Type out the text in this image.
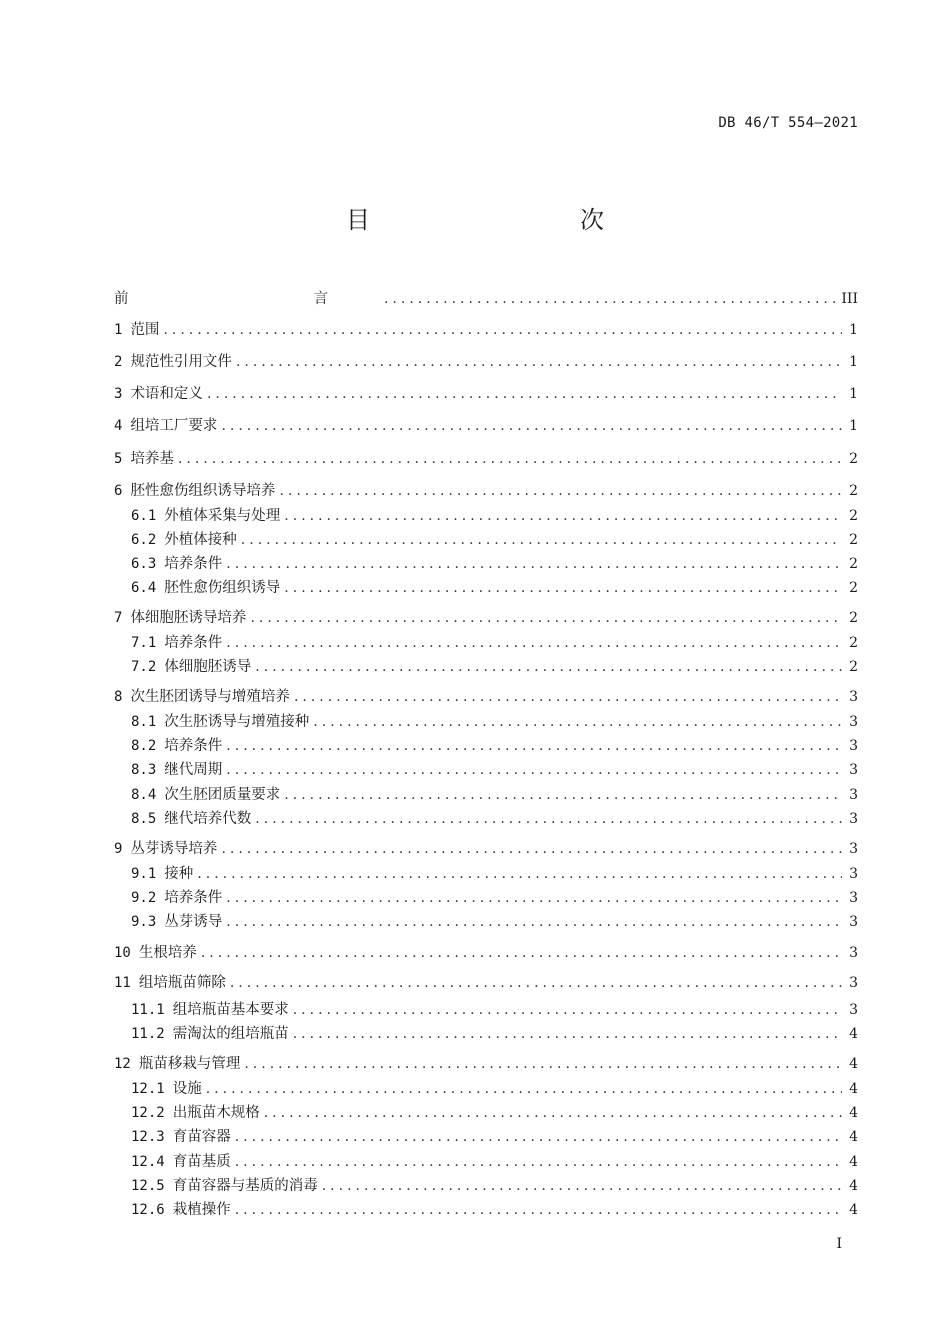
DB 46/T 554—2021
目　　次
前　　言 .....	III
1 范围 .....	1
2 规范性引用文件 .....	1
3 术语和定义 .....	1
4 组培工厂要求 .....	1
5 培养基 .....	2
6 胚性愈伤组织诱导培养 .....	2
6.1 外植体采集与处理 .....	2
6.2 外植体接种 .....	2
6.3 培养条件 .....	2
6.4 胚性愈伤组织诱导 .....	2
7 体细胞胚诱导培养 .....	2
7.1 培养条件 .....	2
7.2 体细胞胚诱导 .....	2
8 次生胚团诱导与增殖培养 .....	3
8.1 次生胚诱导与增殖接种 .....	3
8.2 培养条件 .....	3
8.3 继代周期 .....	3
8.4 次生胚团质量要求 .....	3
8.5 继代培养代数 .....	3
9 丛芽诱导培养 .....	3
9.1 接种 .....	3
9.2 培养条件 .....	3
9.3 丛芽诱导 .....	3
10 生根培养 .....	3
11 组培瓶苗筛除 .....	3
11.1 组培瓶苗基本要求 .....	3
11.2 需淘汰的组培瓶苗 .....	4
12 瓶苗移栽与管理 .....	4
12.1 设施 .....	4
12.2 出瓶苗木规格 .....	4
12.3 育苗容器 .....	4
12.4 育苗基质 .....	4
12.5 育苗容器与基质的消毒 .....	4
12.6 栽植操作 .....	4
I
